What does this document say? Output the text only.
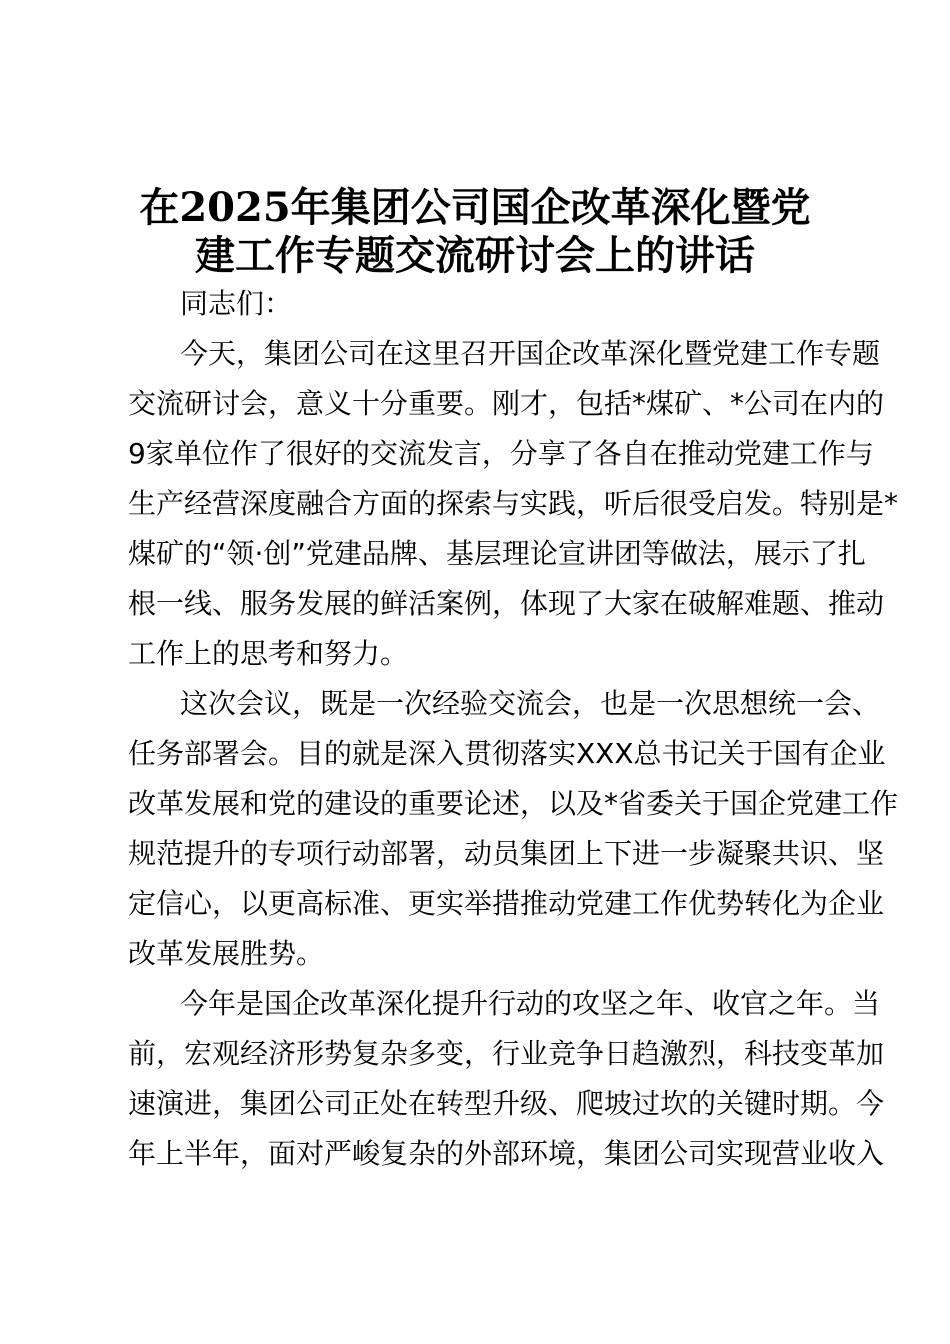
在2025年集团公司国企改革深化暨党
建工作专题交流研讨会上的讲话
同志们：
今天，集团公司在这里召开国企改革深化暨党建工作专题
交流研讨会，意义十分重要。刚才，包括*煤矿、*公司在内的
9家单位作了很好的交流发言，分享了各自在推动党建工作与
生产经营深度融合方面的探索与实践，听后很受启发。特别是*
煤矿的“领·创”党建品牌、基层理论宣讲团等做法，展示了扎
根一线、服务发展的鲜活案例，体现了大家在破解难题、推动
工作上的思考和努力。
这次会议，既是一次经验交流会，也是一次思想统一会、
任务部署会。目的就是深入贯彻落实XXX总书记关于国有企业
改革发展和党的建设的重要论述，以及*省委关于国企党建工作
规范提升的专项行动部署，动员集团上下进一步凝聚共识、坚
定信心，以更高标准、更实举措推动党建工作优势转化为企业
改革发展胜势。
今年是国企改革深化提升行动的攻坚之年、收官之年。当
前，宏观经济形势复杂多变，行业竞争日趋激烈，科技变革加
速演进，集团公司正处在转型升级、爬坡过坎的关键时期。今
年上半年，面对严峻复杂的外部环境，集团公司实现营业收入
